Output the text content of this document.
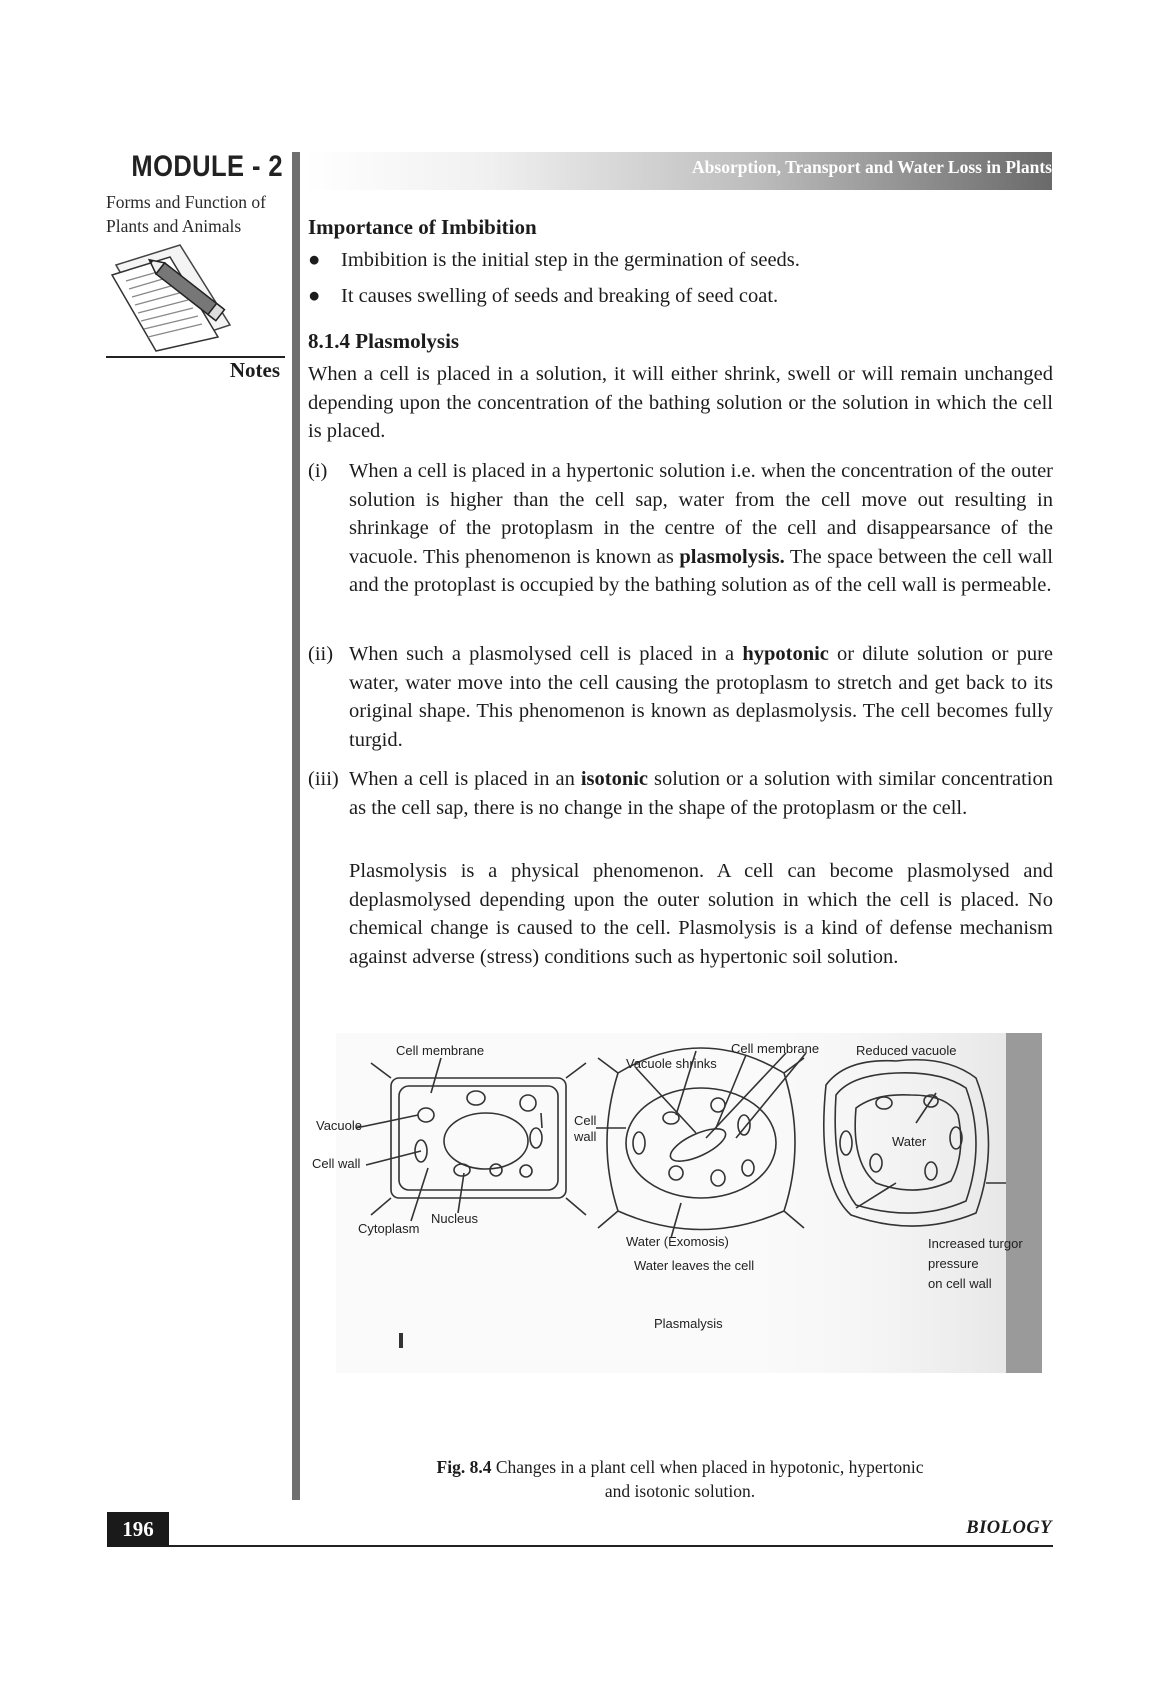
MODULE - 2
Forms and Function of
Plants and Animals
Notes
Absorption, Transport and Water Loss in Plants
Importance of Imbibition
● Imbibition is the initial step in the germination of seeds.
● It causes swelling of seeds and breaking of seed coat.
8.1.4 Plasmolysis
When a cell is placed in a solution, it will either shrink, swell or will remain unchanged depending upon the concentration of the bathing solution or the solution in which the cell is placed.
(i) When a cell is placed in a hypertonic solution i.e. when the concentration of the outer solution is higher than the cell sap, water from the cell move out resulting in shrinkage of the protoplasm in the centre of the cell and disappearsance of the vacuole. This phenomenon is known as plasmolysis. The space between the cell wall and the protoplast is occupied by the bathing solution as of the cell wall is permeable.
(ii) When such a plasmolysed cell is placed in a hypotonic or dilute solution or pure water, water move into the cell causing the protoplasm to stretch and get back to its original shape. This phenomenon is known as deplasmolysis. The cell becomes fully turgid.
(iii) When a cell is placed in an isotonic solution or a solution with similar concentration as the cell sap, there is no change in the shape of the protoplasm or the cell.
Plasmolysis is a physical phenomenon. A cell can become plasmolysed and deplasmolysed depending upon the outer solution in which the cell is placed. No chemical change is caused to the cell. Plasmolysis is a kind of defense mechanism against adverse (stress) conditions such as hypertonic soil solution.
Cell membrane
Vacuole
Cell wall
Cytoplasm
Nucleus
Cell
wall
Vacuole shrinks
Cell membrane	Reduced vacuole
Water (Exomosis)
Water leaves the cell
Water
Increased turgor
pressure
on cell wall
Plasmalysis
Fig. 8.4 Changes in a plant cell when placed in hypotonic, hypertonic
and isotonic solution.
196	BIOLOGY
